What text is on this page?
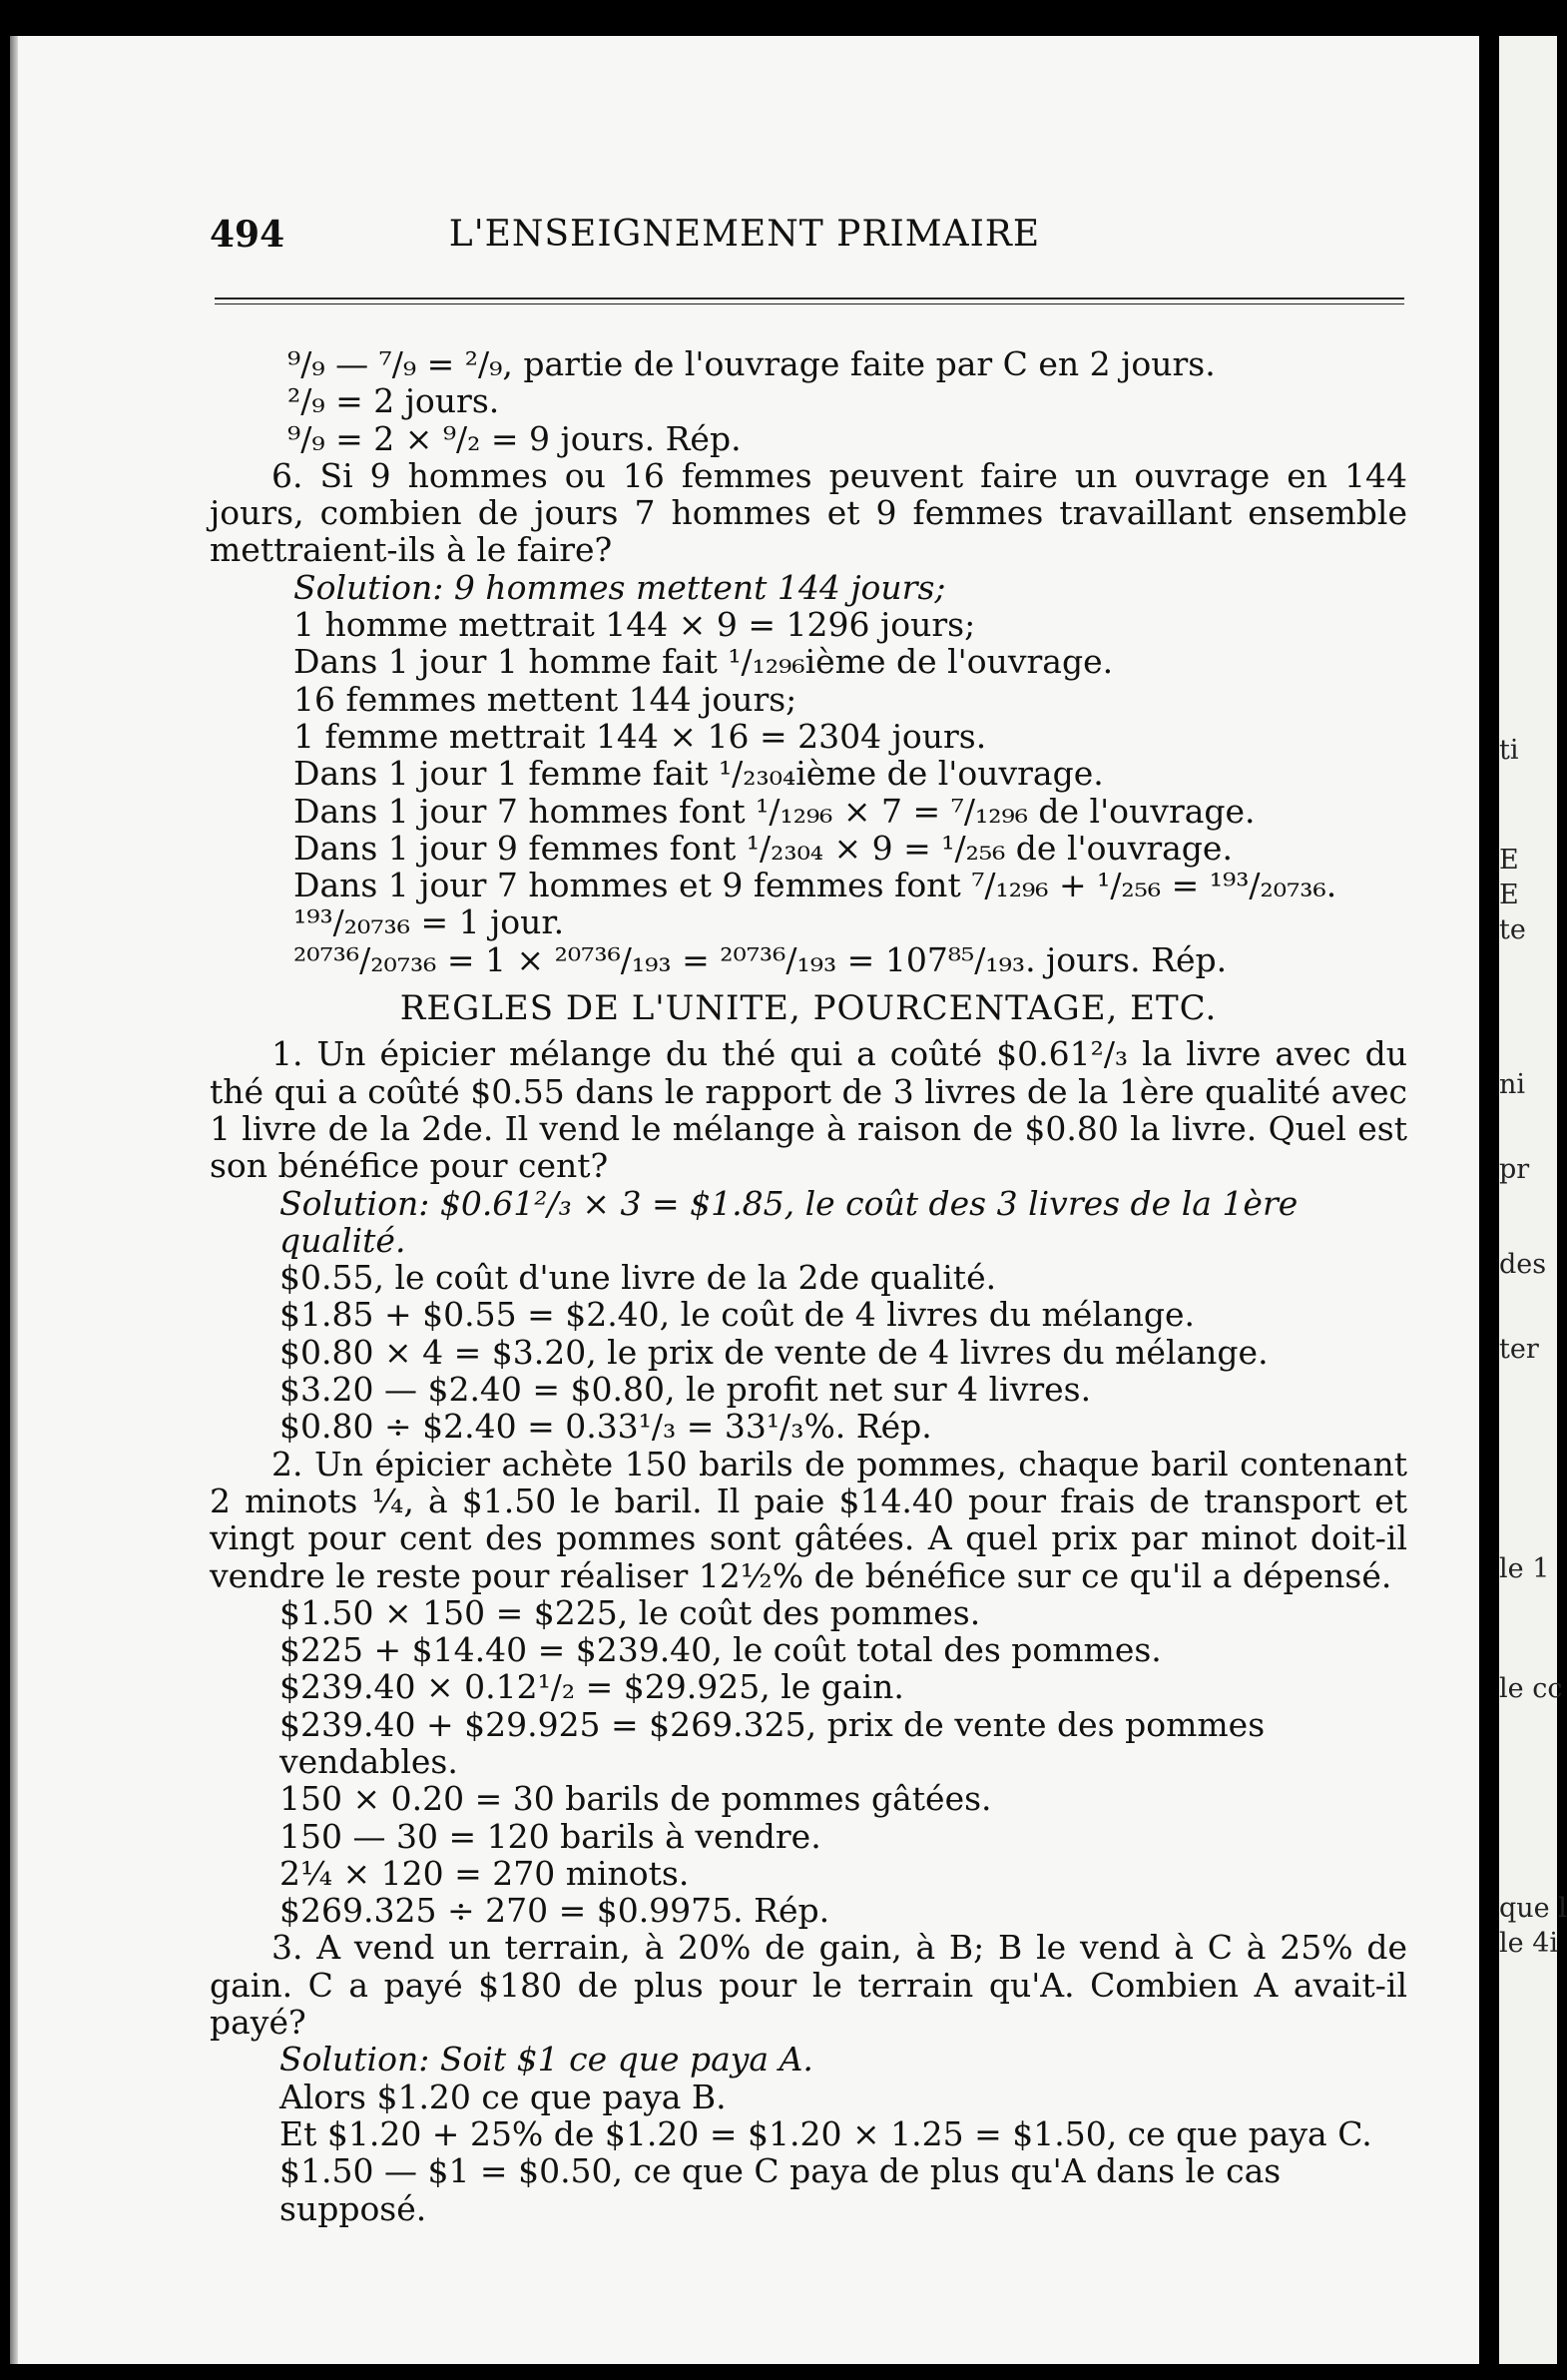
494	L'ENSEIGNEMENT PRIMAIRE

⁹/₉ — ⁷/₉ = ²/₉, partie de l'ouvrage faite par C en 2 jours.

²/₉ = 2 jours.

⁹/₉ = 2 × ⁹/₂ = 9 jours. Rép.

6. Si 9 hommes ou 16 femmes peuvent faire un ouvrage en 144 jours, combien de jours 7 hommes et 9 femmes travaillant ensemble mettraient-ils à le faire?

Solution: 9 hommes mettent 144 jours;

1 homme mettrait 144 × 9 = 1296 jours;

Dans 1 jour 1 homme fait ¹/₁₂₉₆ième de l'ouvrage.

16 femmes mettent 144 jours;

1 femme mettrait 144 × 16 = 2304 jours.

Dans 1 jour 1 femme fait ¹/₂₃₀₄ième de l'ouvrage.

Dans 1 jour 7 hommes font ¹/₁₂₉₆ × 7 = ⁷/₁₂₉₆ de l'ouvrage.

Dans 1 jour 9 femmes font ¹/₂₃₀₄ × 9 = ¹/₂₅₆ de l'ouvrage.

Dans 1 jour 7 hommes et 9 femmes font ⁷/₁₂₉₆ + ¹/₂₅₆ = ¹⁹³/₂₀₇₃₆.

¹⁹³/₂₀₇₃₆ = 1 jour.

²⁰⁷³⁶/₂₀₇₃₆ = 1 × ²⁰⁷³⁶/₁₉₃ = ²⁰⁷³⁶/₁₉₃ = 107⁸⁵/₁₉₃. jours. Rép.

REGLES DE L'UNITE, POURCENTAGE, ETC.

1. Un épicier mélange du thé qui a coûté $0.61²/₃ la livre avec du thé qui a coûté $0.55 dans le rapport de 3 livres de la 1ère qualité avec 1 livre de la 2de. Il vend le mélange à raison de $0.80 la livre. Quel est son bénéfice pour cent?

Solution: $0.61²/₃ × 3 = $1.85, le coût des 3 livres de la 1ère qualité.

$0.55, le coût d'une livre de la 2de qualité.

$1.85 + $0.55 = $2.40, le coût de 4 livres du mélange.

$0.80 × 4 = $3.20, le prix de vente de 4 livres du mélange.

$3.20 — $2.40 = $0.80, le profit net sur 4 livres.

$0.80 ÷ $2.40 = 0.33¹/₃ = 33¹/₃%. Rép.

2. Un épicier achète 150 barils de pommes, chaque baril contenant 2 minots ¼, à $1.50 le baril. Il paie $14.40 pour frais de transport et vingt pour cent des pommes sont gâtées. A quel prix par minot doit-il vendre le reste pour réaliser 12½% de bénéfice sur ce qu'il a dépensé.

$1.50 × 150 = $225, le coût des pommes.

$225 + $14.40 = $239.40, le coût total des pommes.

$239.40 × 0.12¹/₂ = $29.925, le gain.

$239.40 + $29.925 = $269.325, prix de vente des pommes vendables.

150 × 0.20 = 30 barils de pommes gâtées.

150 — 30 = 120 barils à vendre.

2¼ × 120 = 270 minots.

$269.325 ÷ 270 = $0.9975. Rép.

3. A vend un terrain, à 20% de gain, à B; B le vend à C à 25% de gain. C a payé $180 de plus pour le terrain qu'A. Combien A avait-il payé?

Solution: Soit $1 ce que paya A.

Alors $1.20 ce que paya B.

Et $1.20 + 25% de $1.20 = $1.20 × 1.25 = $1.50, ce que paya C.

$1.50 — $1 = $0.50, ce que C paya de plus qu'A dans le cas supposé.

ti
E
E
te
ni
pr
des
ter
le 1
le cc
que l
le 4i
